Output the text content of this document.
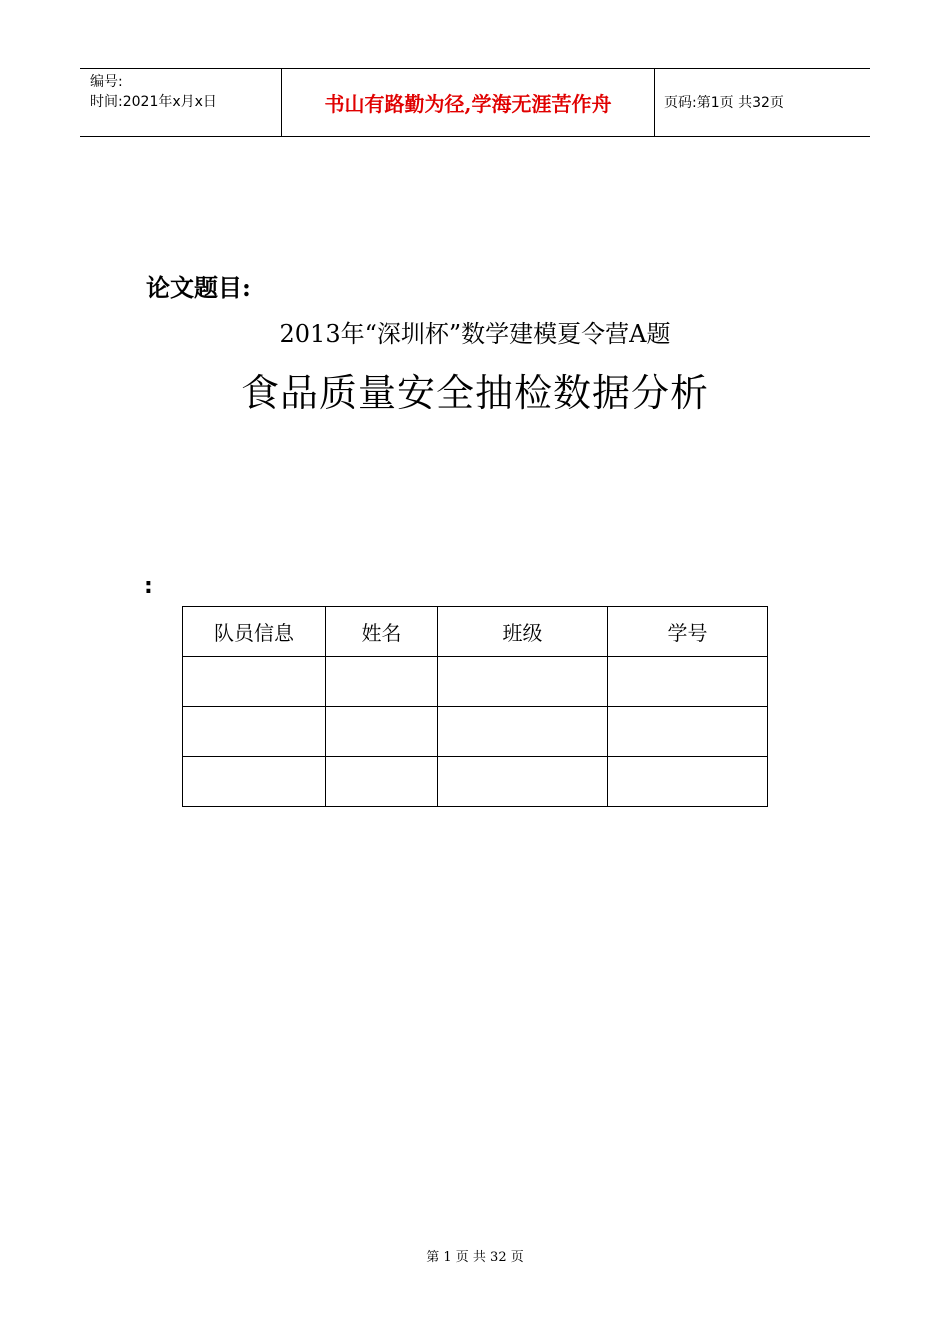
编号:
时间:2021年x月x日	书山有路勤为径,学海无涯苦作舟	页码:第1页 共32页
论文题目:
2013年“深圳杯”数学建模夏令营A题
食品质量安全抽检数据分析
:
队员信息	姓名	班级	学号

第 1 页 共 32 页
